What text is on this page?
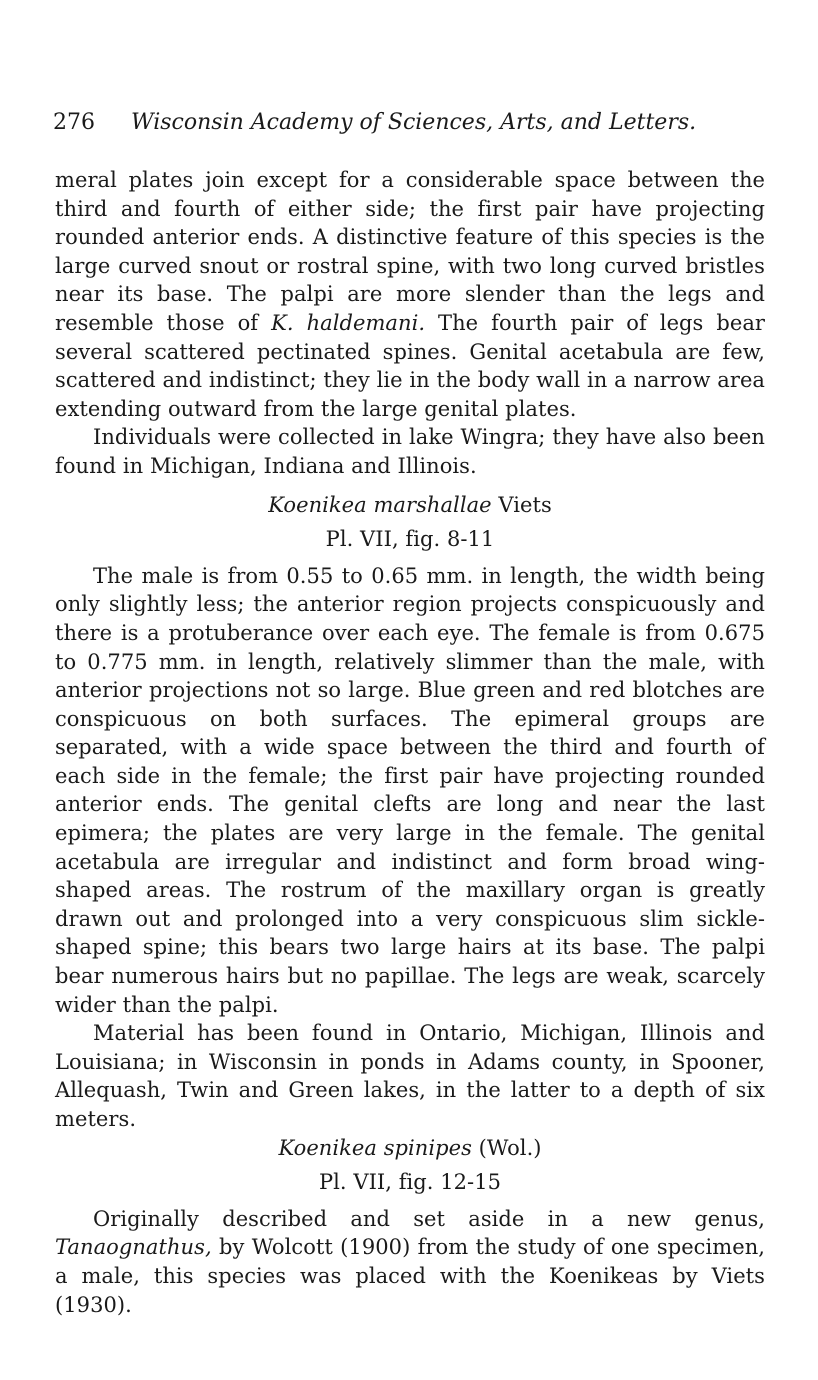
276 Wisconsin Academy of Sciences, Arts, and Letters.

meral plates join except for a considerable space between the third and fourth of either side; the first pair have projecting rounded anterior ends. A distinctive feature of this species is the large curved snout or rostral spine, with two long curved bristles near its base. The palpi are more slender than the legs and resemble those of K. haldemani. The fourth pair of legs bear several scattered pectinated spines. Genital acetabula are few, scattered and indistinct; they lie in the body wall in a narrow area extending outward from the large genital plates.

Individuals were collected in lake Wingra; they have also been found in Michigan, Indiana and Illinois.

Koenikea marshallae Viets

Pl. VII, fig. 8-11

The male is from 0.55 to 0.65 mm. in length, the width being only slightly less; the anterior region projects conspicuously and there is a protuberance over each eye. The female is from 0.675 to 0.775 mm. in length, relatively slimmer than the male, with anterior projections not so large. Blue green and red blotches are conspicuous on both surfaces. The epimeral groups are separated, with a wide space between the third and fourth of each side in the female; the first pair have projecting rounded anterior ends. The genital clefts are long and near the last epimera; the plates are very large in the female. The genital acetabula are irregular and indistinct and form broad wing-shaped areas. The rostrum of the maxillary organ is greatly drawn out and prolonged into a very conspicuous slim sickle-shaped spine; this bears two large hairs at its base. The palpi bear numerous hairs but no papillae. The legs are weak, scarcely wider than the palpi.

Material has been found in Ontario, Michigan, Illinois and Louisiana; in Wisconsin in ponds in Adams county, in Spooner, Allequash, Twin and Green lakes, in the latter to a depth of six meters.

Koenikea spinipes (Wol.)

Pl. VII, fig. 12-15

Originally described and set aside in a new genus, Tanaognathus, by Wolcott (1900) from the study of one specimen, a male, this species was placed with the Koenikeas by Viets (1930).
